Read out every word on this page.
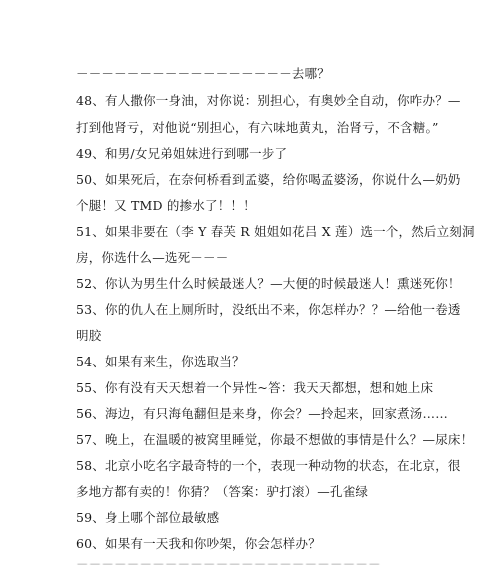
－－－－－－－－－－－－－－－－－去哪？
48、有人撒你一身油，对你说：别担心，有奥妙全自动，你咋办？—
打到他肾亏，对他说“别担心，有六味地黄丸，治肾亏，不含糖。”
49、和男/女兄弟姐妹进行到哪一步了
50、如果死后，在奈何桥看到孟婆，给你喝孟婆汤，你说什么—奶奶
个腿！又 TMD 的掺水了！！！
51、如果非要在（李 Y 春芙 R 姐姐如花吕 X 莲）选一个，然后立刻洞
房，你选什么—选死－－－
52、你认为男生什么时候最迷人？—大便的时候最迷人！熏迷死你！
53、你的仇人在上厕所时，没纸出不来，你怎样办？？—给他一卷透
明胶
54、如果有来生，你选取当？
55、你有没有天天想着一个异性~答：我天天都想，想和她上床
56、海边，有只海龟翻但是来身，你会？—拎起来，回家煮汤……
57、晚上，在温暖的被窝里睡觉，你最不想做的事情是什么？—尿床！
58、北京小吃名字最奇特的一个，表现一种动物的状态，在北京，很
多地方都有卖的！你猜？（答案：驴打滚）—孔雀绿
59、身上哪个部位最敏感
60、如果有一天我和你吵架，你会怎样办？
－－－－－－－－－－－－－－－－－－－－－－－－
